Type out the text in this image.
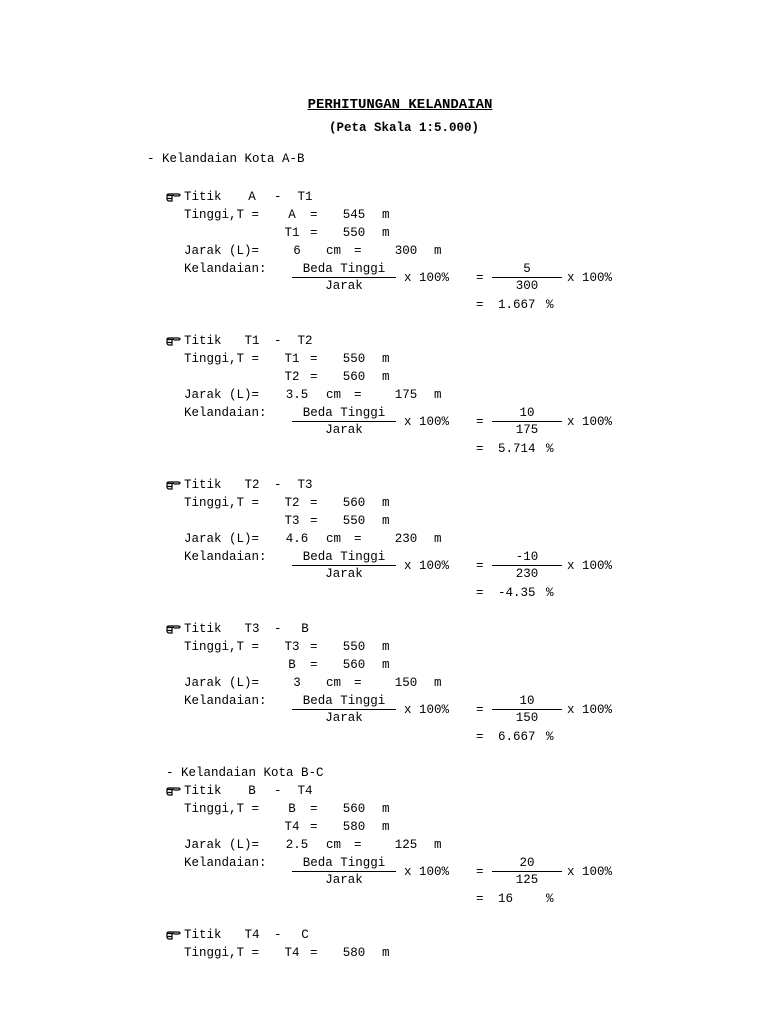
PERHITUNGAN KELANDAIAN
(Peta Skala 1:5.000)
- Kelandaian Kota A-B
- Kelandaian Kota B-C
Titik	A	-	T1
Tinggi,T =	A	=	545	m
T1 =	550	m
Jarak (L)=	6	cm =	300	m
Kelandaian:	Beda Tinggi
Jarak
x 100% =
5
300
x 100%
= 1.667 %
Titik	T1	-	T2
Tinggi,T =	T1 =	550	m
T2 =	560	m
Jarak (L)= 3.5	cm =	175	m
Kelandaian:	Beda Tinggi
Jarak
x 100% =
10
175
x 100%
= 5.714 %
Titik	T2	-	T3
Tinggi,T =	T2 =	560	m
T3 =	550	m
Jarak (L)= 4.6	cm =	230	m
Kelandaian:	Beda Tinggi
Jarak
x 100% =
-10
230
x 100%
= -4.35 %
Titik	T3	-	B
Tinggi,T =	T3 =	550	m
B	=	560	m
Jarak (L)=	3	cm =	150	m
Kelandaian:	Beda Tinggi
Jarak
x 100% =
10
150
x 100%
= 6.667 %
Titik	B	-	T4
Tinggi,T =	B	=	560	m
T4 =	580	m
Jarak (L)= 2.5	cm =	125	m
Kelandaian:	Beda Tinggi
Jarak
x 100% =
20
125
x 100%
= 16	%
Titik	T4	-	C
Tinggi,T =	T4 =	580	m
